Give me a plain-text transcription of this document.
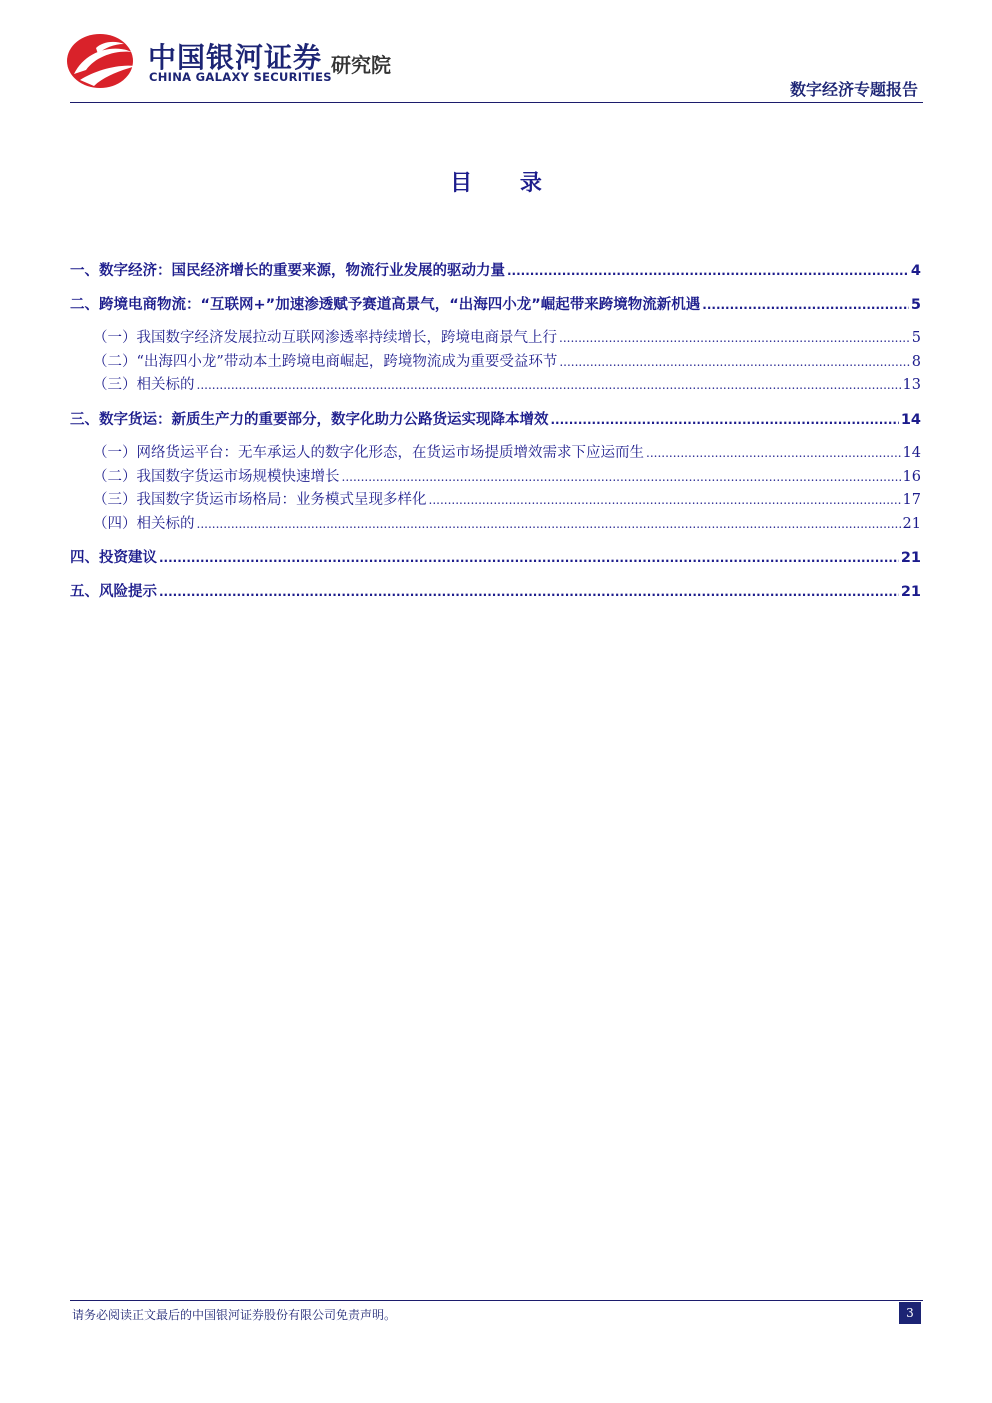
中国银河证券
CHINA GALAXY SECURITIES 研究院
数字经济专题报告
目 录
一、数字经济：国民经济增长的重要来源，物流行业发展的驱动力量 .....	4
二、跨境电商物流：“互联网+”加速渗透赋予赛道高景气，“出海四小龙”崛起带来跨境物流新机遇 .....	5
（一）我国数字经济发展拉动互联网渗透率持续增长，跨境电商景气上行 .....	5
（二）“出海四小龙”带动本土跨境电商崛起，跨境物流成为重要受益环节 .....	8
（三）相关标的 .....	13
三、数字货运：新质生产力的重要部分，数字化助力公路货运实现降本增效 .....	14
（一）网络货运平台：无车承运人的数字化形态，在货运市场提质增效需求下应运而生 .....	14
（二）我国数字货运市场规模快速增长 .....	16
（三）我国数字货运市场格局：业务模式呈现多样化 .....	17
（四）相关标的 .....	21
四、投资建议 .....	21
五、风险提示 .....	21
请务必阅读正文最后的中国银河证券股份有限公司免责声明。	3
